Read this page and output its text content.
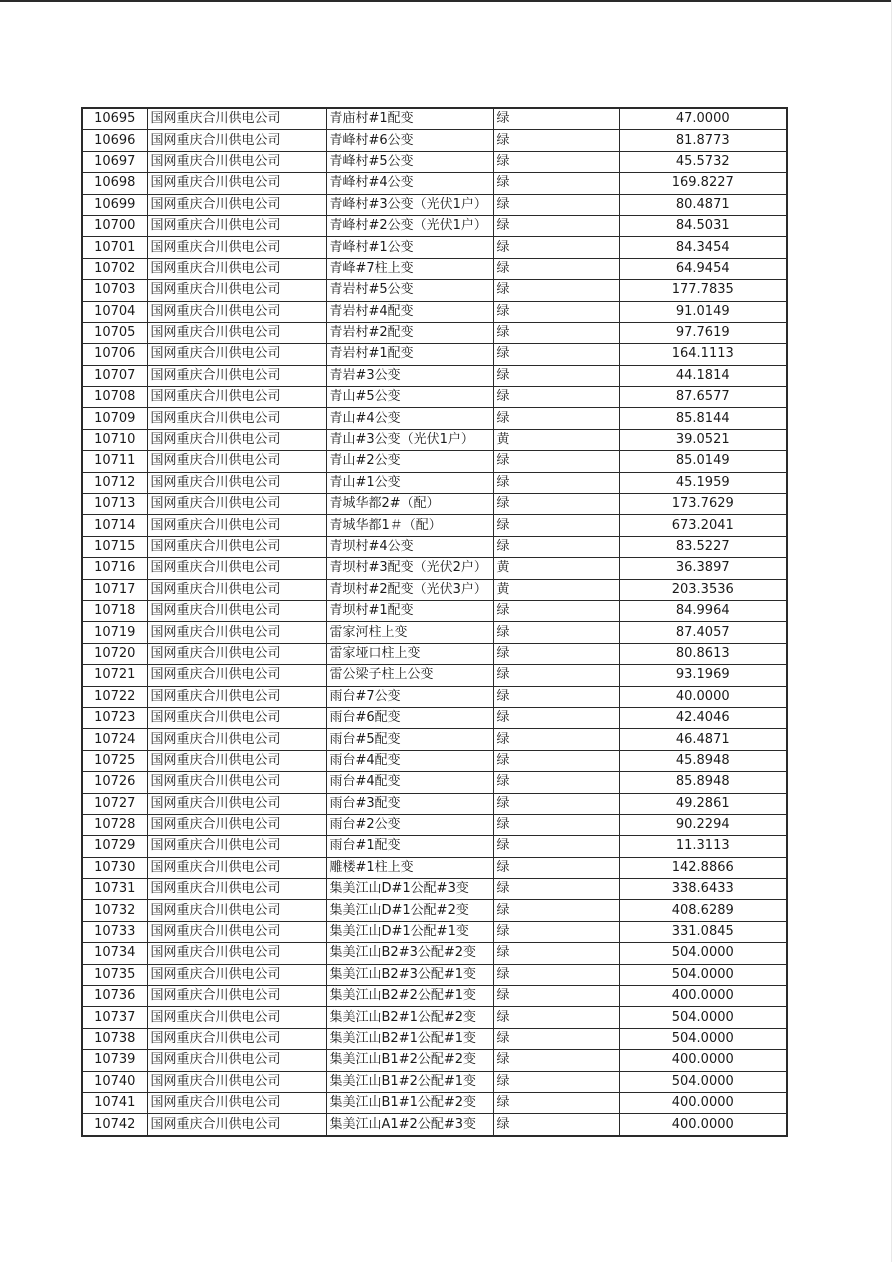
10695	国网重庆合川供电公司	青庙村#1配变	绿	47.0000
10696	国网重庆合川供电公司	青峰村#6公变	绿	81.8773
10697	国网重庆合川供电公司	青峰村#5公变	绿	45.5732
10698	国网重庆合川供电公司	青峰村#4公变	绿	169.8227
10699	国网重庆合川供电公司	青峰村#3公变（光伏1户）	绿	80.4871
10700	国网重庆合川供电公司	青峰村#2公变（光伏1户）	绿	84.5031
10701	国网重庆合川供电公司	青峰村#1公变	绿	84.3454
10702	国网重庆合川供电公司	青峰#7柱上变	绿	64.9454
10703	国网重庆合川供电公司	青岩村#5公变	绿	177.7835
10704	国网重庆合川供电公司	青岩村#4配变	绿	91.0149
10705	国网重庆合川供电公司	青岩村#2配变	绿	97.7619
10706	国网重庆合川供电公司	青岩村#1配变	绿	164.1113
10707	国网重庆合川供电公司	青岩#3公变	绿	44.1814
10708	国网重庆合川供电公司	青山#5公变	绿	87.6577
10709	国网重庆合川供电公司	青山#4公变	绿	85.8144
10710	国网重庆合川供电公司	青山#3公变（光伏1户）	黄	39.0521
10711	国网重庆合川供电公司	青山#2公变	绿	85.0149
10712	国网重庆合川供电公司	青山#1公变	绿	45.1959
10713	国网重庆合川供电公司	青城华都2#（配）	绿	173.7629
10714	国网重庆合川供电公司	青城华都1＃（配）	绿	673.2041
10715	国网重庆合川供电公司	青坝村#4公变	绿	83.5227
10716	国网重庆合川供电公司	青坝村#3配变（光伏2户）	黄	36.3897
10717	国网重庆合川供电公司	青坝村#2配变（光伏3户）	黄	203.3536
10718	国网重庆合川供电公司	青坝村#1配变	绿	84.9964
10719	国网重庆合川供电公司	雷家河柱上变	绿	87.4057
10720	国网重庆合川供电公司	雷家垭口柱上变	绿	80.8613
10721	国网重庆合川供电公司	雷公梁子柱上公变	绿	93.1969
10722	国网重庆合川供电公司	雨台#7公变	绿	40.0000
10723	国网重庆合川供电公司	雨台#6配变	绿	42.4046
10724	国网重庆合川供电公司	雨台#5配变	绿	46.4871
10725	国网重庆合川供电公司	雨台#4配变	绿	45.8948
10726	国网重庆合川供电公司	雨台#4配变	绿	85.8948
10727	国网重庆合川供电公司	雨台#3配变	绿	49.2861
10728	国网重庆合川供电公司	雨台#2公变	绿	90.2294
10729	国网重庆合川供电公司	雨台#1配变	绿	11.3113
10730	国网重庆合川供电公司	雕楼#1柱上变	绿	142.8866
10731	国网重庆合川供电公司	集美江山D#1公配#3变	绿	338.6433
10732	国网重庆合川供电公司	集美江山D#1公配#2变	绿	408.6289
10733	国网重庆合川供电公司	集美江山D#1公配#1变	绿	331.0845
10734	国网重庆合川供电公司	集美江山B2#3公配#2变	绿	504.0000
10735	国网重庆合川供电公司	集美江山B2#3公配#1变	绿	504.0000
10736	国网重庆合川供电公司	集美江山B2#2公配#1变	绿	400.0000
10737	国网重庆合川供电公司	集美江山B2#1公配#2变	绿	504.0000
10738	国网重庆合川供电公司	集美江山B2#1公配#1变	绿	504.0000
10739	国网重庆合川供电公司	集美江山B1#2公配#2变	绿	400.0000
10740	国网重庆合川供电公司	集美江山B1#2公配#1变	绿	504.0000
10741	国网重庆合川供电公司	集美江山B1#1公配#2变	绿	400.0000
10742	国网重庆合川供电公司	集美江山A1#2公配#3变	绿	400.0000
